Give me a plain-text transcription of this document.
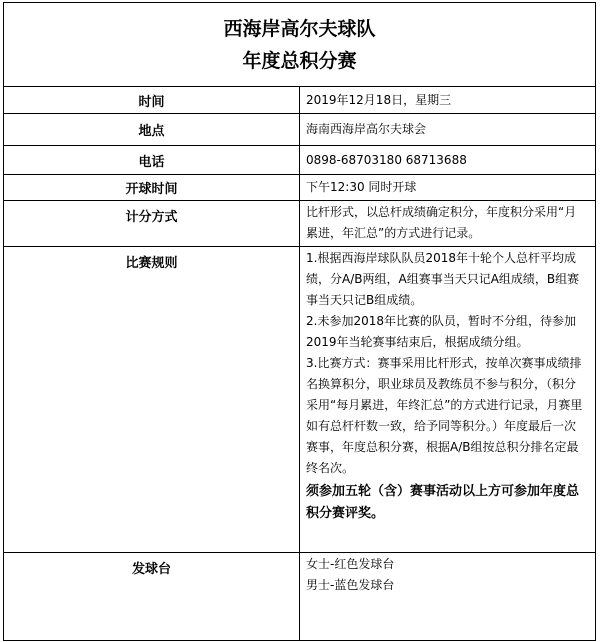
西海岸高尔夫球队
年度总积分赛	

时间	2019年12月18日，星期三
地点	海南西海岸高尔夫球会
电话	0898-68703180 68713688
开球时间	下午12:30 同时开球
计分方式	比杆形式，以总杆成绩确定积分，年度积分采用“月累进，年汇总”的方式进行记录。
比赛规则	1.根据西海岸球队队员2018年十轮个人总杆平均成绩，分A/B两组，A组赛事当天只记A组成绩，B组赛事当天只记B组成绩。

2.未参加2018年比赛的队员，暂时不分组，待参加2019年当轮赛事结束后，根据成绩分组。

3.比赛方式：赛事采用比杆形式，按单次赛事成绩排名换算积分，职业球员及教练员不参与积分，（积分采用“每月累进，年终汇总”的方式进行记录，月赛里如有总杆杆数一致，给予同等积分。）年度最后一次赛事，年度总积分赛，根据A/B组按总积分排名定最终名次。

须参加五轮（含）赛事活动以上方可参加年度总积分赛评奖。

发球台	女士-红色发球台
男士-蓝色发球台
